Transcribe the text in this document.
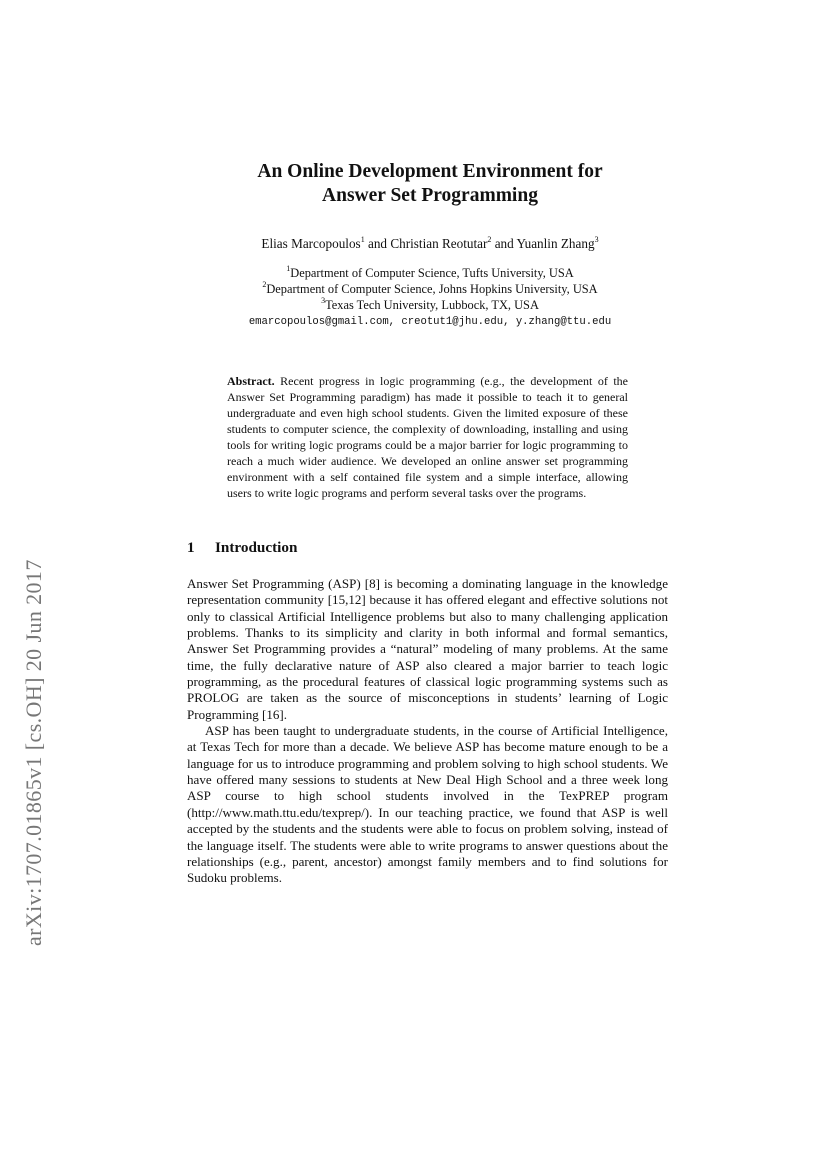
arXiv:1707.01865v1 [cs.OH] 20 Jun 2017
An Online Development Environment for
Answer Set Programming
Elias Marcopoulos$^1$ and Christian Reotutar$^2$ and Yuanlin Zhang$^3$
$^1$Department of Computer Science, Tufts University, USA
$^2$Department of Computer Science, Johns Hopkins University, USA
$^3$Texas Tech University, Lubbock, TX, USA
emarcopoulos@gmail.com, creotut1@jhu.edu, y.zhang@ttu.edu
Abstract. Recent progress in logic programming (e.g., the development of the Answer Set Programming paradigm) has made it possible to teach it to general undergraduate and even high school students. Given the limited exposure of these students to computer science, the complexity of downloading, installing and using tools for writing logic programs could be a major barrier for logic programming to reach a much wider audience. We developed an online answer set programming environment with a self contained file system and a simple interface, allowing users to write logic programs and perform several tasks over the programs.
1 Introduction

Answer Set Programming (ASP) [8] is becoming a dominating language in the knowledge representation community [15,12] because it has offered elegant and effective solutions not only to classical Artificial Intelligence problems but also to many challenging application problems. Thanks to its simplicity and clarity in both informal and formal semantics, Answer Set Programming provides a “natural” modeling of many problems. At the same time, the fully declarative nature of ASP also cleared a major barrier to teach logic programming, as the procedural features of classical logic programming systems such as PROLOG are taken as the source of misconceptions in students’ learning of Logic Programming [16].

ASP has been taught to undergraduate students, in the course of Artificial Intelligence, at Texas Tech for more than a decade. We believe ASP has become mature enough to be a language for us to introduce programming and problem solving to high school students. We have offered many sessions to students at New Deal High School and a three week long ASP course to high school students involved in the TexPREP program (http://www.math.ttu.edu/texprep/). In our teaching practice, we found that ASP is well accepted by the students and the students were able to focus on problem solving, instead of the language itself. The students were able to write programs to answer questions about the relationships (e.g., parent, ancestor) amongst family members and to find solutions for Sudoku problems.
